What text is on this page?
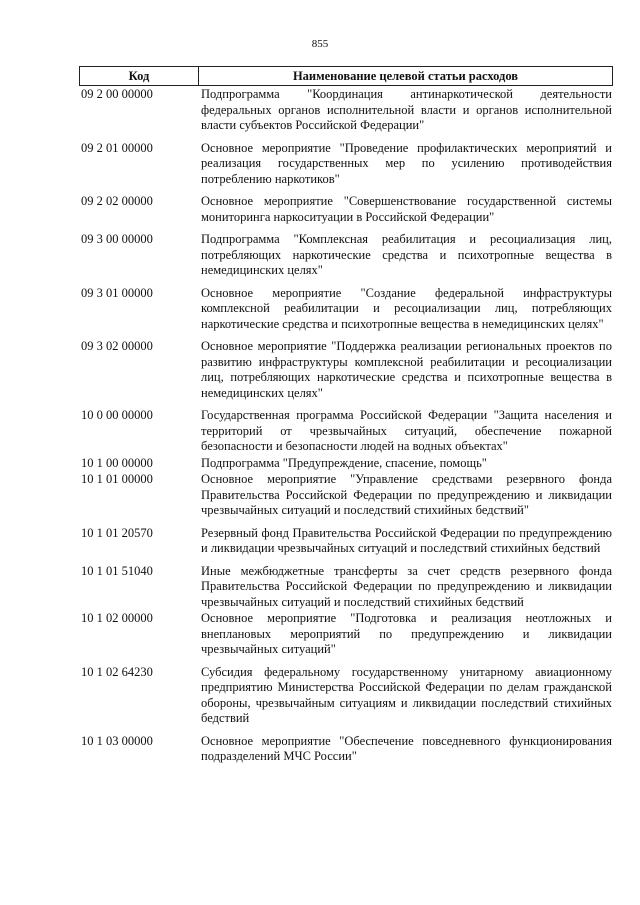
855
Код	Наименование целевой статьи расходов
09 2 00 00000	Подпрограмма "Координация антинаркотической деятельности федеральных органов исполнительной власти и органов исполнительной власти субъектов Российской Федерации"
09 2 01 00000	Основное мероприятие "Проведение профилактических мероприятий и реализация государственных мер по усилению противодействия потреблению наркотиков"
09 2 02 00000	Основное мероприятие "Совершенствование государственной системы мониторинга наркоситуации в Российской Федерации"
09 3 00 00000	Подпрограмма "Комплексная реабилитация и ресоциализация лиц, потребляющих наркотические средства и психотропные вещества в немедицинских целях"
09 3 01 00000	Основное мероприятие "Создание федеральной инфраструктуры комплексной реабилитации и ресоциализации лиц, потребляющих наркотические средства и психотропные вещества в немедицинских целях"
09 3 02 00000	Основное мероприятие "Поддержка реализации региональных проектов по развитию инфраструктуры комплексной реабилитации и ресоциализации лиц, потребляющих наркотические средства и психотропные вещества в немедицинских целях"
10 0 00 00000	Государственная программа Российской Федерации "Защита населения и территорий от чрезвычайных ситуаций, обеспечение пожарной безопасности и безопасности людей на водных объектах"
10 1 00 00000	Подпрограмма "Предупреждение, спасение, помощь"
10 1 01 00000	Основное мероприятие "Управление средствами резервного фонда Правительства Российской Федерации по предупреждению и ликвидации чрезвычайных ситуаций и последствий стихийных бедствий"
10 1 01 20570	Резервный фонд Правительства Российской Федерации по предупреждению и ликвидации чрезвычайных ситуаций и последствий стихийных бедствий
10 1 01 51040	Иные межбюджетные трансферты за счет средств резервного фонда Правительства Российской Федерации по предупреждению и ликвидации чрезвычайных ситуаций и последствий стихийных бедствий
10 1 02 00000	Основное мероприятие "Подготовка и реализация неотложных и внеплановых мероприятий по предупреждению и ликвидации чрезвычайных ситуаций"
10 1 02 64230	Субсидия федеральному государственному унитарному авиационному предприятию Министерства Российской Федерации по делам гражданской обороны, чрезвычайным ситуациям и ликвидации последствий стихийных бедствий
10 1 03 00000	Основное мероприятие "Обеспечение повседневного функционирования подразделений МЧС России"
